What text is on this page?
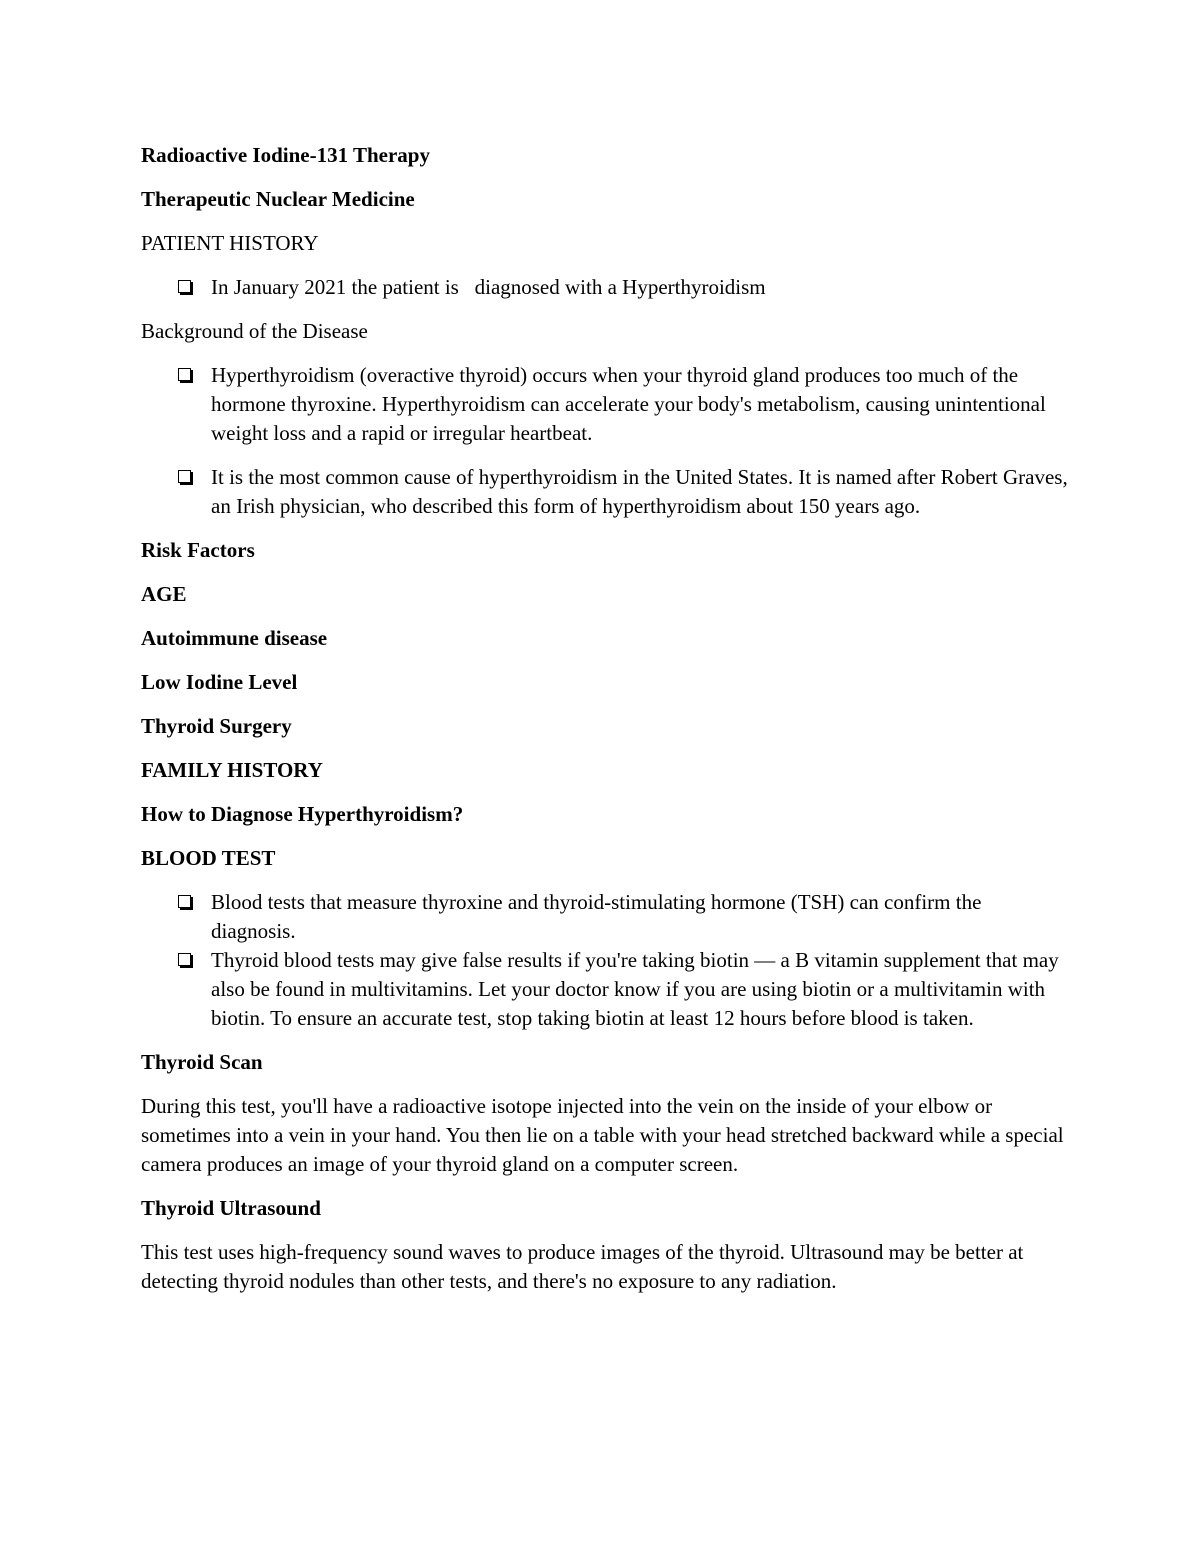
Radioactive Iodine-131 Therapy

Therapeutic Nuclear Medicine

PATIENT HISTORY

In January 2021 the patient is   diagnosed with a Hyperthyroidism

Background of the Disease

Hyperthyroidism (overactive thyroid) occurs when your thyroid gland produces too much of the hormone thyroxine. Hyperthyroidism can accelerate your body's metabolism, causing unintentional weight loss and a rapid or irregular heartbeat.
It is the most common cause of hyperthyroidism in the United States. It is named after Robert Graves, an Irish physician, who described this form of hyperthyroidism about 150 years ago.

Risk Factors

AGE

Autoimmune disease

Low Iodine Level

Thyroid Surgery

FAMILY HISTORY

How to Diagnose Hyperthyroidism?

BLOOD TEST

Blood tests that measure thyroxine and thyroid-stimulating hormone (TSH) can confirm the diagnosis.
Thyroid blood tests may give false results if you're taking biotin — a B vitamin supplement that may also be found in multivitamins. Let your doctor know if you are using biotin or a multivitamin with biotin. To ensure an accurate test, stop taking biotin at least 12 hours before blood is taken.

Thyroid Scan

During this test, you'll have a radioactive isotope injected into the vein on the inside of your elbow or sometimes into a vein in your hand. You then lie on a table with your head stretched backward while a special camera produces an image of your thyroid gland on a computer screen.

Thyroid Ultrasound

This test uses high-frequency sound waves to produce images of the thyroid. Ultrasound may be better at detecting thyroid nodules than other tests, and there's no exposure to any radiation.
